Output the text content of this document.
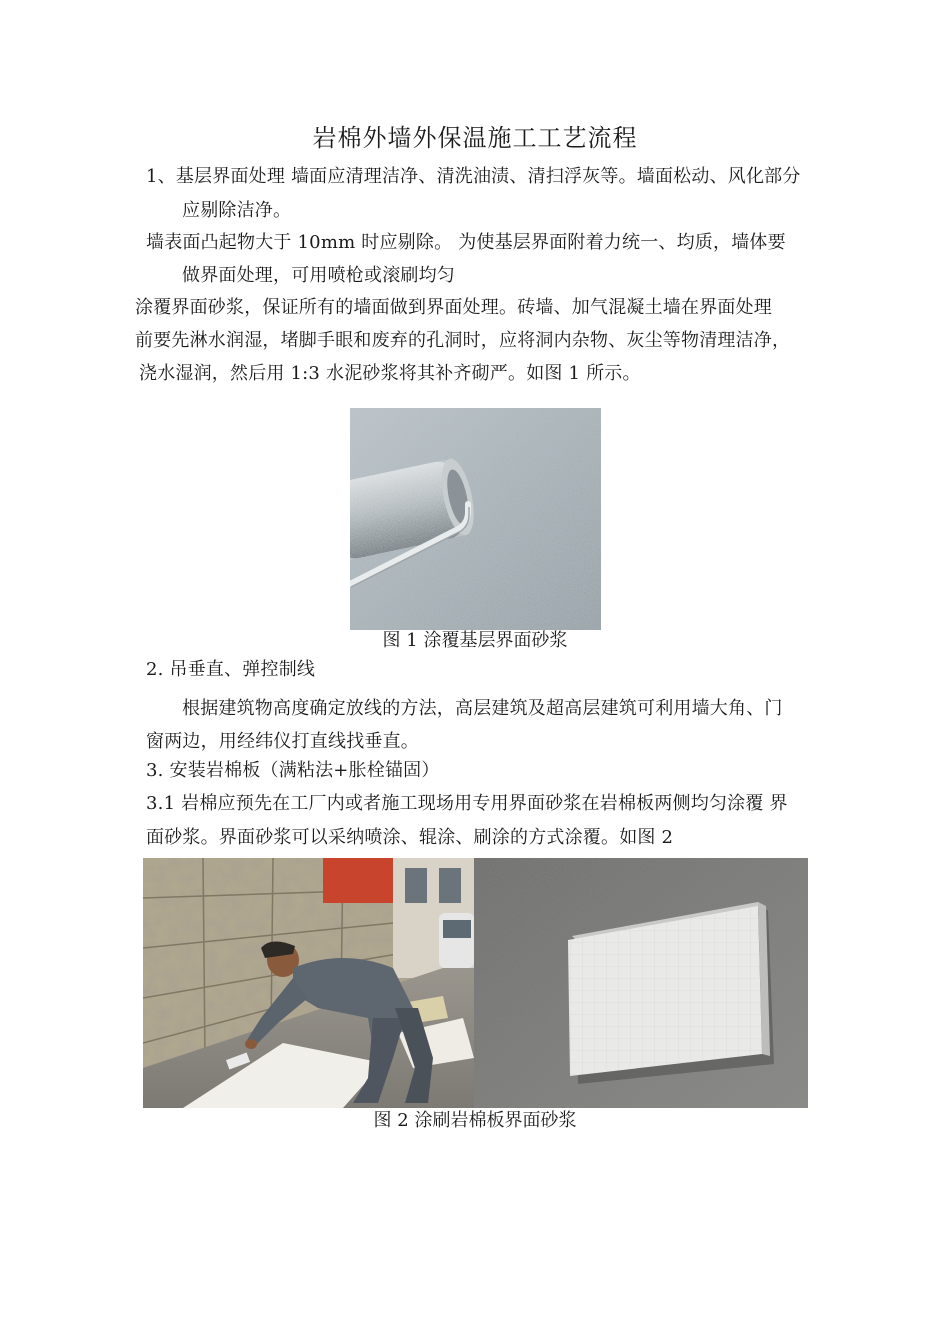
岩棉外墙外保温施工工艺流程
1、基层界面处理 墙面应清理洁净、清洗油渍、清扫浮灰等。墙面松动、风化部分
应剔除洁净。
墙表面凸起物大于 10mm 时应剔除。 为使基层界面附着力统一、均质，墙体要
做界面处理，可用喷枪或滚刷均匀
涂覆界面砂浆，保证所有的墙面做到界面处理。砖墙、加气混凝土墙在界面处理
前要先淋水润湿，堵脚手眼和废弃的孔洞时，应将洞内杂物、灰尘等物清理洁净，
浇水湿润，然后用 1:3 水泥砂浆将其补齐砌严。如图 1 所示。
图 1 涂覆基层界面砂浆
2. 吊垂直、弹控制线
根据建筑物高度确定放线的方法，高层建筑及超高层建筑可利用墙大角、门
窗两边，用经纬仪打直线找垂直。
3. 安装岩棉板（满粘法+胀栓锚固）
3.1 岩棉应预先在工厂内或者施工现场用专用界面砂浆在岩棉板两侧均匀涂覆 界
面砂浆。界面砂浆可以采纳喷涂、辊涂、刷涂的方式涂覆。如图 2
图 2 涂刷岩棉板界面砂浆
